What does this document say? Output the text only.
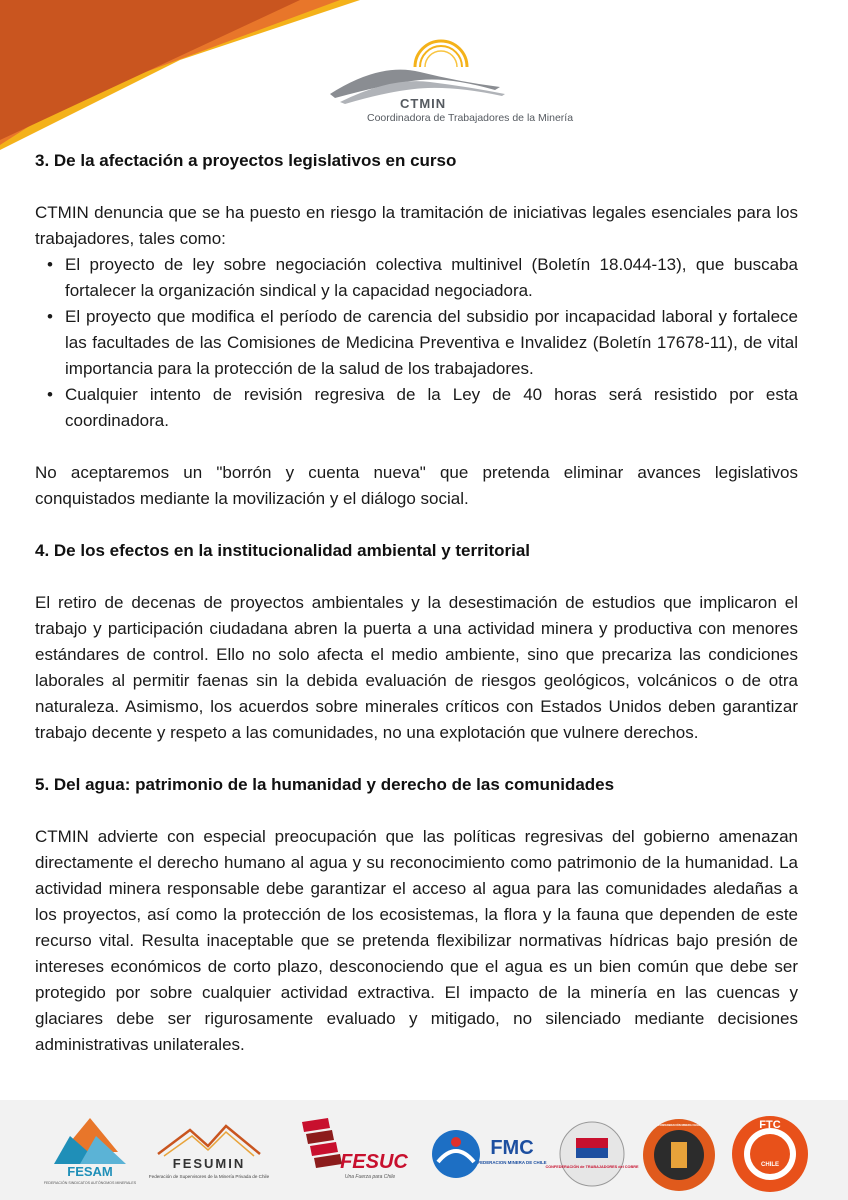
CTMIN
Coordinadora de Trabajadores de la Minería
3. De la afectación a proyectos legislativos en curso

CTMIN denuncia que se ha puesto en riesgo la tramitación de iniciativas legales esenciales para los trabajadores, tales como:

• El proyecto de ley sobre negociación colectiva multinivel (Boletín 18.044-13), que buscaba fortalecer la organización sindical y la capacidad negociadora.
• El proyecto que modifica el período de carencia del subsidio por incapacidad laboral y fortalece las facultades de las Comisiones de Medicina Preventiva e Invalidez (Boletín 17678-11), de vital importancia para la protección de la salud de los trabajadores.
• Cualquier intento de revisión regresiva de la Ley de 40 horas será resistido por esta coordinadora.

No aceptaremos un "borrón y cuenta nueva" que pretenda eliminar avances legislativos conquistados mediante la movilización y el diálogo social.

4. De los efectos en la institucionalidad ambiental y territorial

El retiro de decenas de proyectos ambientales y la desestimación de estudios que implicaron el trabajo y participación ciudadana abren la puerta a una actividad minera y productiva con menores estándares de control. Ello no solo afecta el medio ambiente, sino que precariza las condiciones laborales al permitir faenas sin la debida evaluación de riesgos geológicos, volcánicos o de otra naturaleza. Asimismo, los acuerdos sobre minerales críticos con Estados Unidos deben garantizar trabajo decente y respeto a las comunidades, no una explotación que vulnere derechos.

5. Del agua: patrimonio de la humanidad y derecho de las comunidades

CTMIN advierte con especial preocupación que las políticas regresivas del gobierno amenazan directamente el derecho humano al agua y su reconocimiento como patrimonio de la humanidad. La actividad minera responsable debe garantizar el acceso al agua para las comunidades aledañas a los proyectos, así como la protección de los ecosistemas, la flora y la fauna que dependen de este recurso vital. Resulta inaceptable que se pretenda flexibilizar normativas hídricas bajo presión de intereses económicos de corto plazo, desconociendo que el agua es un bien común que debe ser protegido por sobre cualquier actividad extractiva. El impacto de la minería en las cuencas y glaciares debe ser rigurosamente evaluado y mitigado, no silenciado mediante decisiones administrativas unilaterales.

FESAM
FEDERACIÓN SINDICATOS AUTÓNOMOS MINERALES
FESUMIN
Federación de Supervisores de la Minería Privada de Chile
FESUC
Una Fuerza para Chile
FMC
FEDERACION MINERA DE CHILE
CONFEDERACIÓN de TRABAJADORES del COBRE
CONFEDERACIÓN MINERA CHILE	FTC
CHILE
